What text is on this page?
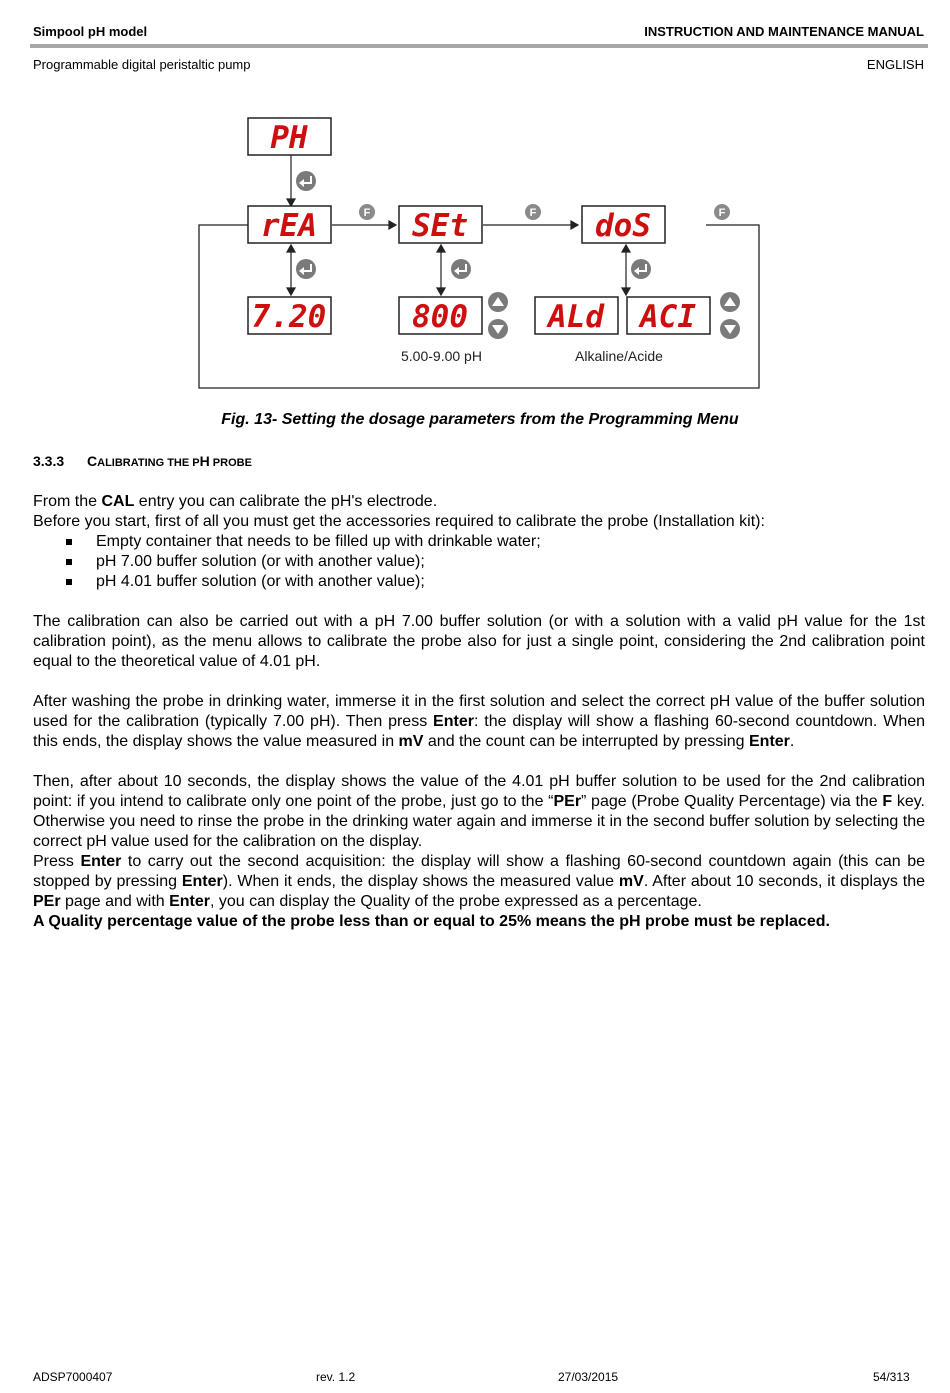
Simpool pH model	INSTRUCTION AND MAINTENANCE MANUAL
Programmable digital peristaltic pump	ENGLISH
PH
rEA	SEt	doS
7.20	800	ALd ACI
F	F	F
5.00-9.00 pH	Alkaline/Acide
Fig. 13- Setting the dosage parameters from the Programming Menu
3.3.3 CALIBRATING THE PH PROBE

From the CAL entry you can calibrate the pH's electrode.

Before you start, first of all you must get the accessories required to calibrate the probe (Installation kit):

Empty container that needs to be filled up with drinkable water;
pH 7.00 buffer solution (or with another value);
pH 4.01 buffer solution (or with another value);

The calibration can also be carried out with a pH 7.00 buffer solution (or with a solution with a valid pH value for the 1st calibration point), as the menu allows to calibrate the probe also for just a single point, considering the 2nd calibration point equal to the theoretical value of 4.01 pH.

After washing the probe in drinking water, immerse it in the first solution and select the correct pH value of the buffer solution used for the calibration (typically 7.00 pH). Then press Enter: the display will show a flashing 60-second countdown. When this ends, the display shows the value measured in mV and the count can be interrupted by pressing Enter.

Then, after about 10 seconds, the display shows the value of the 4.01 pH buffer solution to be used for the 2nd calibration point: if you intend to calibrate only one point of the probe, just go to the “PEr” page (Probe Quality Percentage) via the F key. Otherwise you need to rinse the probe in the drinking water again and immerse it in the second buffer solution by selecting the correct pH value used for the calibration on the display.

Press Enter to carry out the second acquisition: the display will show a flashing 60-second countdown again (this can be stopped by pressing Enter). When it ends, the display shows the measured value mV. After about 10 seconds, it displays the PEr page and with Enter, you can display the Quality of the probe expressed as a percentage.

A Quality percentage value of the probe less than or equal to 25% means the pH probe must be replaced.

ADSP7000407	rev. 1.2	27/03/2015	54/313
